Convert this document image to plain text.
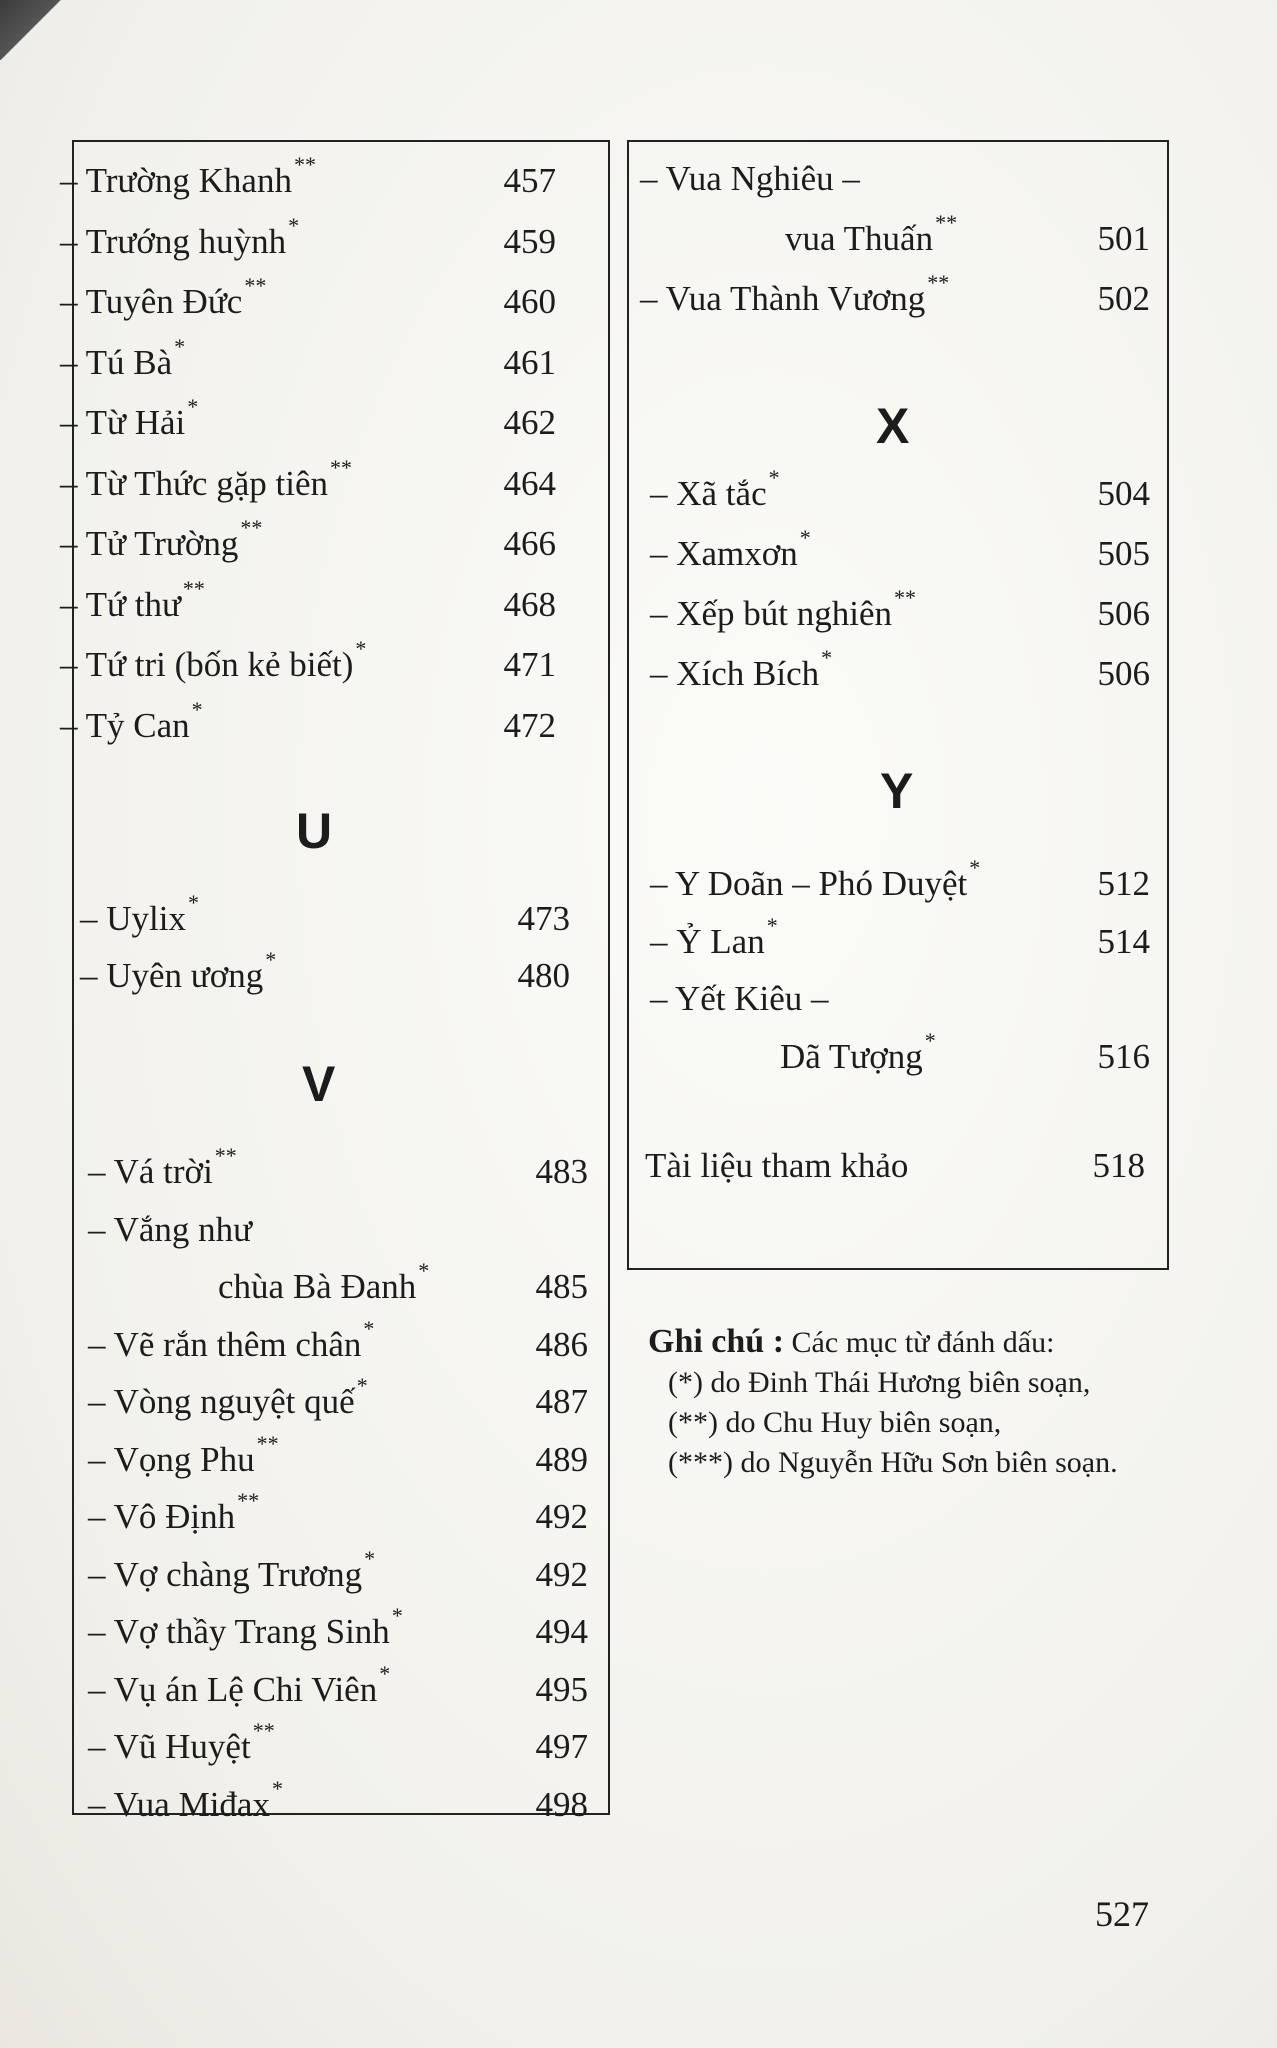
– Trường Khanh**	457
– Trướng huỳnh*	459
– Tuyên Đức**	460
– Tú Bà*	461
– Từ Hải*	462
– Từ Thức gặp tiên**	464
– Tử Trường**	466
– Tứ thư**	468
– Tứ tri (bốn kẻ biết)*	471
– Tỷ Can*	472
– Uylix*	473
– Uyên ương*	480
– Vá trời**	483
– Vắng như
chùa Bà Đanh*	485
– Vẽ rắn thêm chân*	486
– Vòng nguyệt quế*	487
– Vọng Phu**	489
– Vô Định**	492
– Vợ chàng Trương*	492
– Vợ thầy Trang Sinh*	494
– Vụ án Lệ Chi Viên*	495
– Vũ Huyệt**	497
– Vua Miđax*	498
– Vua Nghiêu –
vua Thuấn**	501
– Vua Thành Vương**	502
– Xã tắc*	504
– Xamxơn*	505
– Xếp bút nghiên**	506
– Xích Bích*	506
– Y Doãn – Phó Duyệt*	512
– Ỷ Lan*	514
– Yết Kiêu –
Dã Tượng*	516
U
V
X
Y
Tài liệu tham khảo	518
Ghi chú : Các mục từ đánh dấu:
(*) do Đinh Thái Hương biên soạn,
(**) do Chu Huy biên soạn,
(***) do Nguyễn Hữu Sơn biên soạn.
527
